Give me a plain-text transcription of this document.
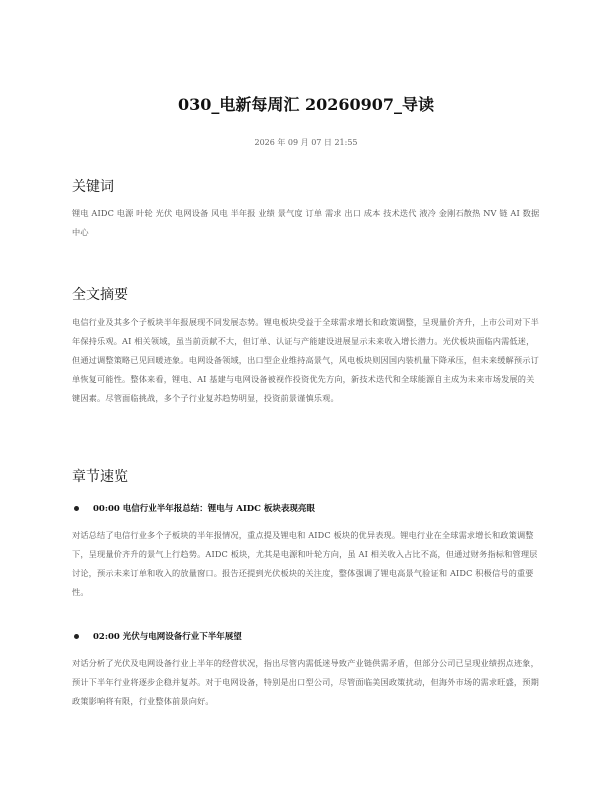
030_电新每周汇 20260907_导读
2026 年 09 月 07 日 21:55
关键词
锂电 AIDC 电源 叶轮 光伏 电网设备 风电 半年报 业绩 景气度 订单 需求 出口 成本 技术迭代 液冷 金刚石散热 NV 链 AI 数据中心
全文摘要
电信行业及其多个子板块半年报展现不同发展态势。锂电板块受益于全球需求增长和政策调整，呈现量价齐升，上市公司对下半年保持乐观。AI 相关领域，虽当前贡献不大，但订单、认证与产能建设进展显示未来收入增长潜力。光伏板块面临内需低迷，但通过调整策略已见回暖迹象。电网设备领域，出口型企业维持高景气，风电板块则因国内装机量下降承压，但未来缓解预示订单恢复可能性。整体来看，锂电、AI 基建与电网设备被视作投资优先方向，新技术迭代和全球能源自主成为未来市场发展的关键因素。尽管面临挑战，多个子行业复苏趋势明显，投资前景谨慎乐观。
章节速览
00:00 电信行业半年报总结：锂电与 AIDC 板块表现亮眼
对话总结了电信行业多个子板块的半年报情况，重点提及锂电和 AIDC 板块的优异表现。锂电行业在全球需求增长和政策调整下，呈现量价齐升的景气上行趋势。AIDC 板块，尤其是电源和叶轮方向，虽 AI 相关收入占比不高，但通过财务指标和管理层讨论，预示未来订单和收入的放量窗口。报告还提到光伏板块的关注度，整体强调了锂电高景气验证和 AIDC 积极信号的重要性。
02:00 光伏与电网设备行业下半年展望
对话分析了光伏及电网设备行业上半年的经营状况，指出尽管内需低迷导致产业链供需矛盾，但部分公司已呈现业绩拐点迹象，预计下半年行业将逐步企稳并复苏。对于电网设备，特别是出口型公司，尽管面临美国政策扰动，但海外市场的需求旺盛，预期政策影响将有限，行业整体前景向好。
